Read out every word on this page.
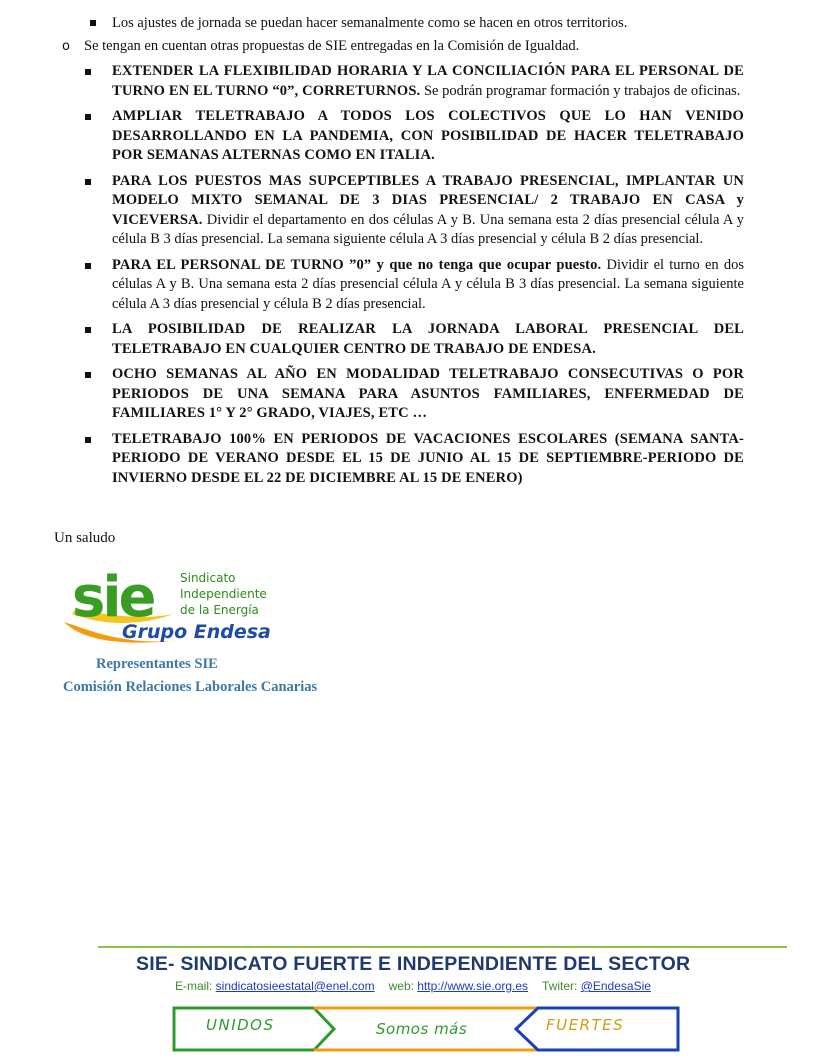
Los ajustes de jornada se puedan hacer semanalmente como se hacen en otros territorios.
o Se tengan en cuentan otras propuestas de SIE entregadas en la Comisión de Igualdad.
EXTENDER LA FLEXIBILIDAD HORARIA Y LA CONCILIACIÓN PARA EL PERSONAL DE TURNO EN EL TURNO “0”, CORRETURNOS. Se podrán programar formación y trabajos de oficinas.
AMPLIAR TELETRABAJO A TODOS LOS COLECTIVOS QUE LO HAN VENIDO DESARROLLANDO EN LA PANDEMIA, CON POSIBILIDAD DE HACER TELETRABAJO POR SEMANAS ALTERNAS COMO EN ITALIA.
PARA LOS PUESTOS MAS SUPCEPTIBLES A TRABAJO PRESENCIAL, IMPLANTAR UN MODELO MIXTO SEMANAL DE 3 DIAS PRESENCIAL/ 2 TRABAJO EN CASA y VICEVERSA. Dividir el departamento en dos células A y B. Una semana esta 2 días presencial célula A y célula B 3 días presencial. La semana siguiente célula A 3 días presencial y célula B 2 días presencial.
PARA EL PERSONAL DE TURNO ”0” y que no tenga que ocupar puesto. Dividir el turno en dos células A y B. Una semana esta 2 días presencial célula A y célula B 3 días presencial. La semana siguiente célula A 3 días presencial y célula B 2 días presencial.
LA POSIBILIDAD DE REALIZAR LA JORNADA LABORAL PRESENCIAL DEL TELETRABAJO EN CUALQUIER CENTRO DE TRABAJO DE ENDESA.
OCHO SEMANAS AL AÑO EN MODALIDAD TELETRABAJO CONSECUTIVAS O POR PERIODOS DE UNA SEMANA PARA ASUNTOS FAMILIARES, ENFERMEDAD DE FAMILIARES 1° Y 2° GRADO, VIAJES, ETC …
TELETRABAJO 100% EN PERIODOS DE VACACIONES ESCOLARES (SEMANA SANTA-PERIODO DE VERANO DESDE EL 15 DE JUNIO AL 15 DE SEPTIEMBRE-PERIODO DE INVIERNO DESDE EL 22 DE DICIEMBRE AL 15 DE ENERO)
Un saludo
sie Sindicato
Independiente
de la Energía
Grupo Endesa
Representantes SIE
Comisión Relaciones Laborales Canarias
SIE- SINDICATO FUERTE E INDEPENDIENTE DEL SECTOR
E-mail: sindicatosieestatal@enel.com web: http://www.sie.org.es Twiter: @EndesaSie
UNIDOS	Somos más	FUERTES
